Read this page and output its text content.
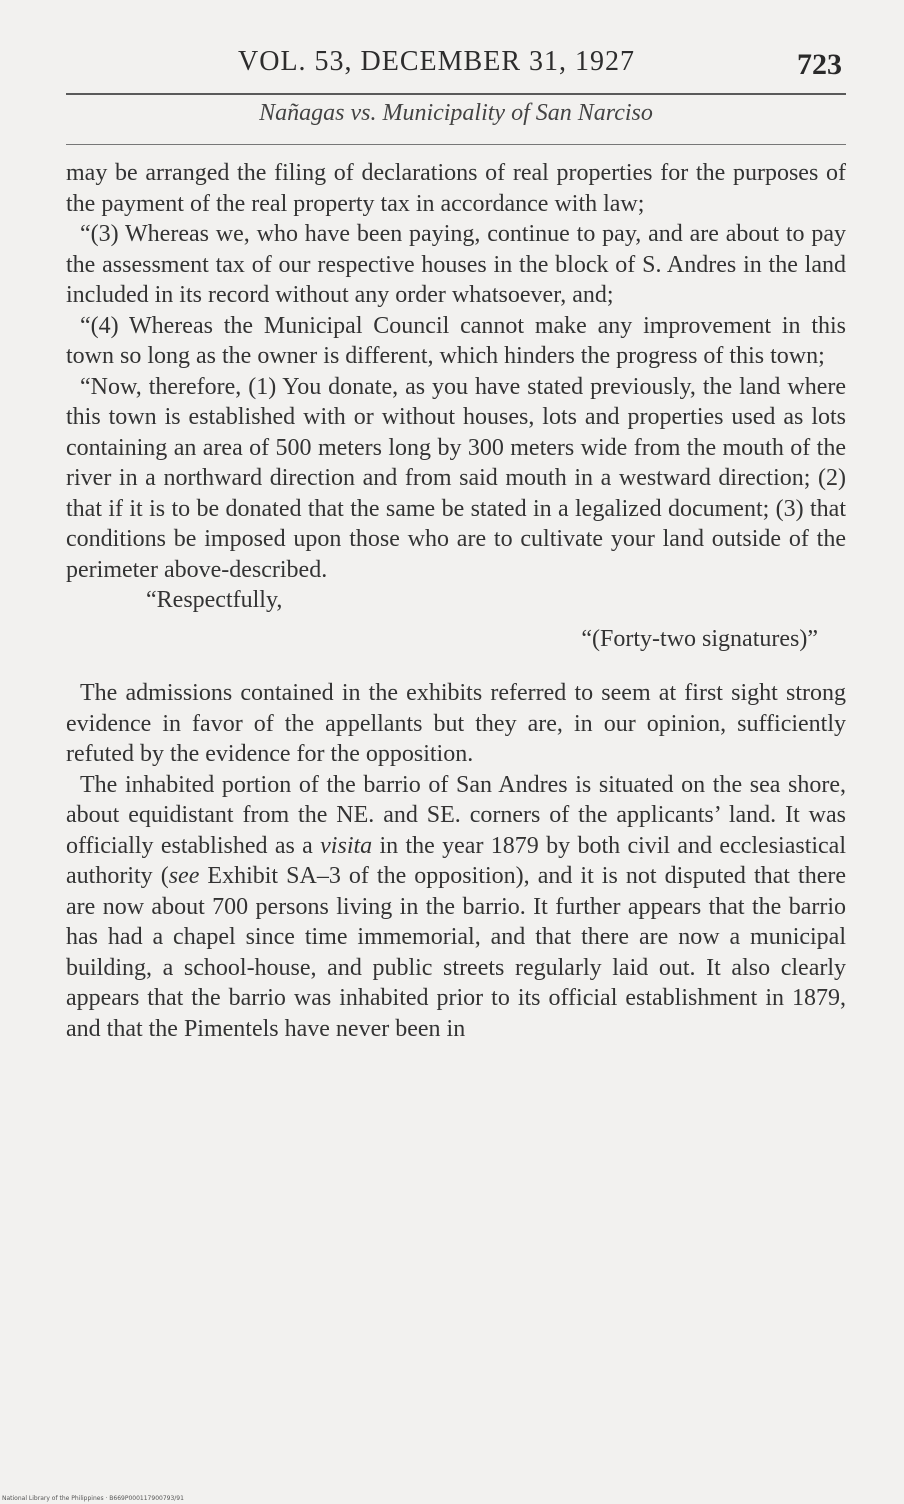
VOL. 53, DECEMBER 31, 1927	723
Nañagas vs. Municipality of San Narciso

may be arranged the filing of declarations of real properties for the purposes of the payment of the real property tax in accordance with law;

“(3) Whereas we, who have been paying, continue to pay, and are about to pay the assessment tax of our respective houses in the block of S. Andres in the land included in its record without any order whatsoever, and;

“(4) Whereas the Municipal Council cannot make any improvement in this town so long as the owner is different, which hinders the progress of this town;

“Now, therefore, (1) You donate, as you have stated previously, the land where this town is established with or without houses, lots and properties used as lots containing an area of 500 meters long by 300 meters wide from the mouth of the river in a northward direction and from said mouth in a westward direction; (2) that if it is to be donated that the same be stated in a legalized document; (3) that conditions be imposed upon those who are to cultivate your land outside of the perimeter above-described.

“Respectfully,

“(Forty-two signatures)”

The admissions contained in the exhibits referred to seem at first sight strong evidence in favor of the appellants but they are, in our opinion, sufficiently refuted by the evidence for the opposition.

The inhabited portion of the barrio of San Andres is situated on the sea shore, about equidistant from the NE. and SE. corners of the applicants’ land. It was officially established as a visita in the year 1879 by both civil and ecclesiastical authority (see Exhibit SA–3 of the opposition), and it is not disputed that there are now about 700 persons living in the barrio. It further appears that the barrio has had a chapel since time immemorial, and that there are now a municipal building, a school-house, and public streets regularly laid out. It also clearly appears that the barrio was inhabited prior to its official establishment in 1879, and that the Pimentels have never been in

National Library of the Philippines · B669P000117900793/91
